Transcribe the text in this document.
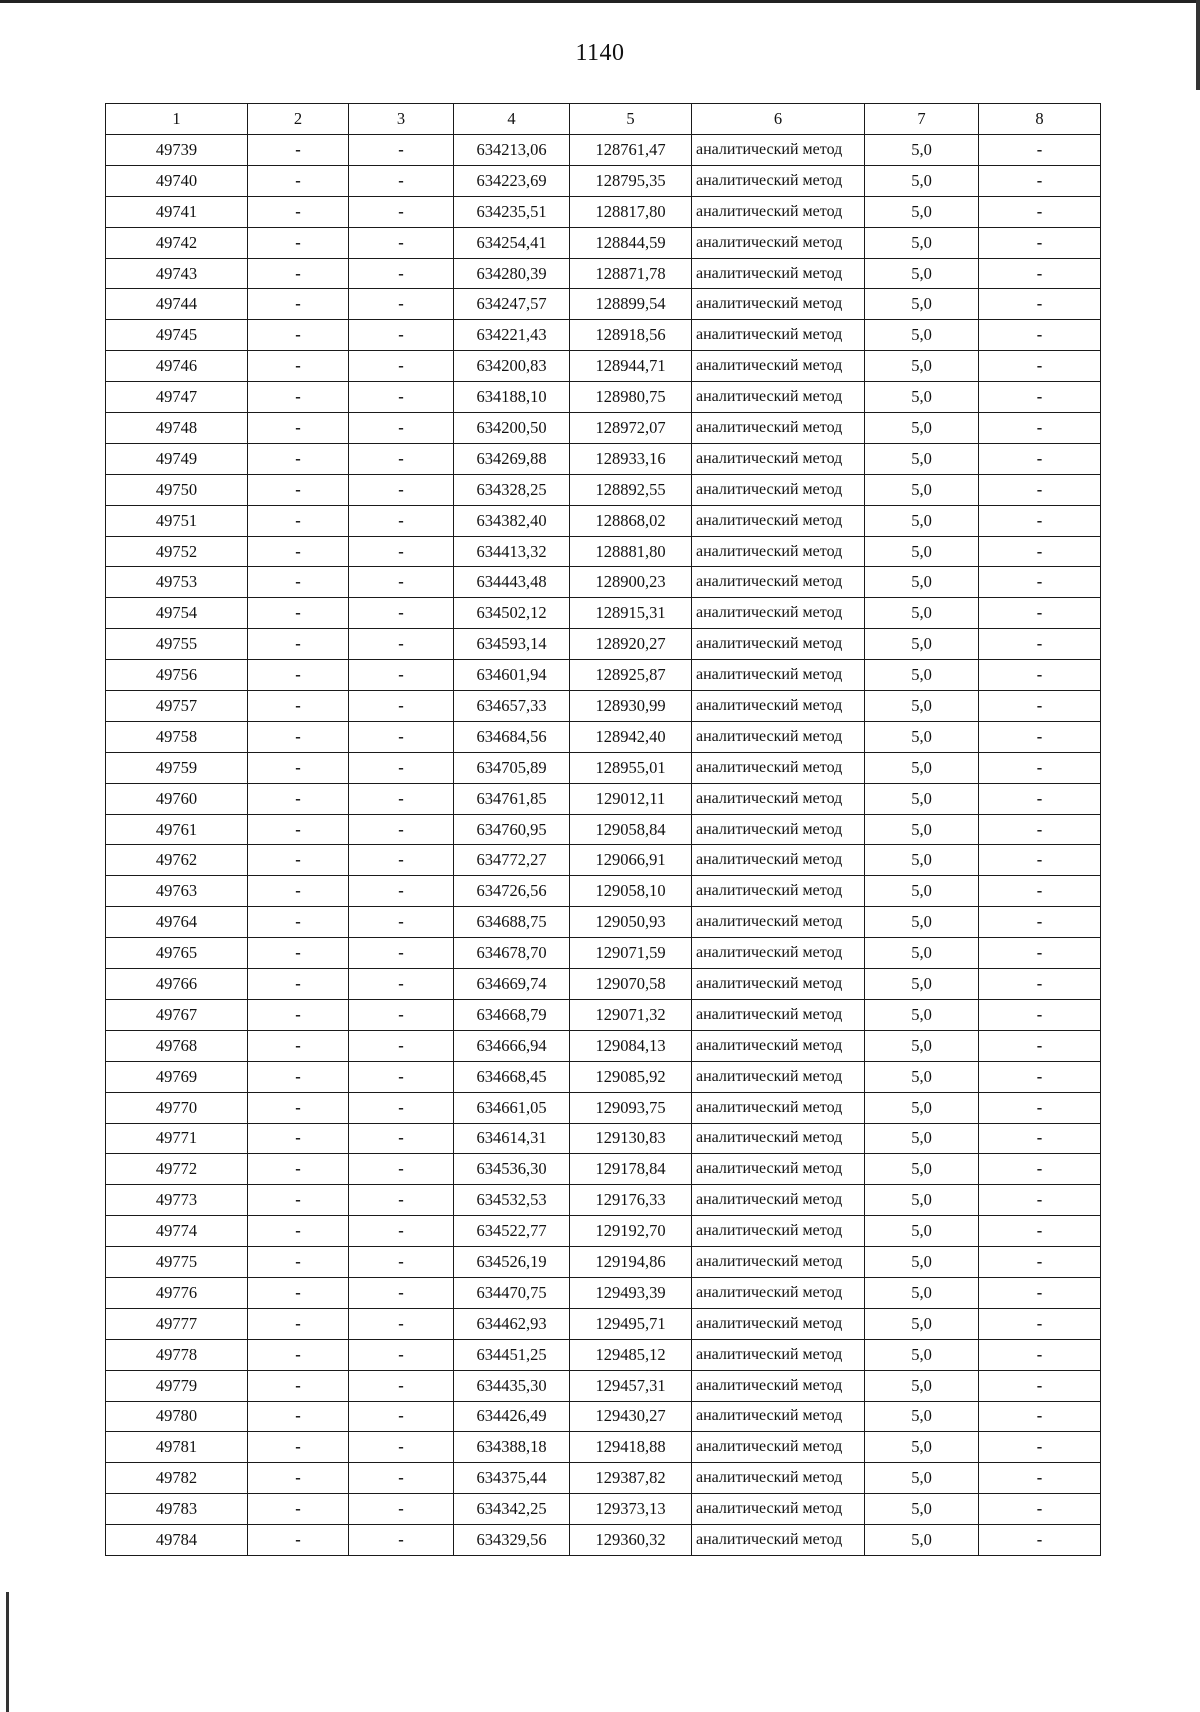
1140
1	2	3	4	5	6	7	8
49739	-	-	634213,06	128761,47	аналитический метод	5,0	-
49740	-	-	634223,69	128795,35	аналитический метод	5,0	-
49741	-	-	634235,51	128817,80	аналитический метод	5,0	-
49742	-	-	634254,41	128844,59	аналитический метод	5,0	-
49743	-	-	634280,39	128871,78	аналитический метод	5,0	-
49744	-	-	634247,57	128899,54	аналитический метод	5,0	-
49745	-	-	634221,43	128918,56	аналитический метод	5,0	-
49746	-	-	634200,83	128944,71	аналитический метод	5,0	-
49747	-	-	634188,10	128980,75	аналитический метод	5,0	-
49748	-	-	634200,50	128972,07	аналитический метод	5,0	-
49749	-	-	634269,88	128933,16	аналитический метод	5,0	-
49750	-	-	634328,25	128892,55	аналитический метод	5,0	-
49751	-	-	634382,40	128868,02	аналитический метод	5,0	-
49752	-	-	634413,32	128881,80	аналитический метод	5,0	-
49753	-	-	634443,48	128900,23	аналитический метод	5,0	-
49754	-	-	634502,12	128915,31	аналитический метод	5,0	-
49755	-	-	634593,14	128920,27	аналитический метод	5,0	-
49756	-	-	634601,94	128925,87	аналитический метод	5,0	-
49757	-	-	634657,33	128930,99	аналитический метод	5,0	-
49758	-	-	634684,56	128942,40	аналитический метод	5,0	-
49759	-	-	634705,89	128955,01	аналитический метод	5,0	-
49760	-	-	634761,85	129012,11	аналитический метод	5,0	-
49761	-	-	634760,95	129058,84	аналитический метод	5,0	-
49762	-	-	634772,27	129066,91	аналитический метод	5,0	-
49763	-	-	634726,56	129058,10	аналитический метод	5,0	-
49764	-	-	634688,75	129050,93	аналитический метод	5,0	-
49765	-	-	634678,70	129071,59	аналитический метод	5,0	-
49766	-	-	634669,74	129070,58	аналитический метод	5,0	-
49767	-	-	634668,79	129071,32	аналитический метод	5,0	-
49768	-	-	634666,94	129084,13	аналитический метод	5,0	-
49769	-	-	634668,45	129085,92	аналитический метод	5,0	-
49770	-	-	634661,05	129093,75	аналитический метод	5,0	-
49771	-	-	634614,31	129130,83	аналитический метод	5,0	-
49772	-	-	634536,30	129178,84	аналитический метод	5,0	-
49773	-	-	634532,53	129176,33	аналитический метод	5,0	-
49774	-	-	634522,77	129192,70	аналитический метод	5,0	-
49775	-	-	634526,19	129194,86	аналитический метод	5,0	-
49776	-	-	634470,75	129493,39	аналитический метод	5,0	-
49777	-	-	634462,93	129495,71	аналитический метод	5,0	-
49778	-	-	634451,25	129485,12	аналитический метод	5,0	-
49779	-	-	634435,30	129457,31	аналитический метод	5,0	-
49780	-	-	634426,49	129430,27	аналитический метод	5,0	-
49781	-	-	634388,18	129418,88	аналитический метод	5,0	-
49782	-	-	634375,44	129387,82	аналитический метод	5,0	-
49783	-	-	634342,25	129373,13	аналитический метод	5,0	-
49784	-	-	634329,56	129360,32	аналитический метод	5,0	-
